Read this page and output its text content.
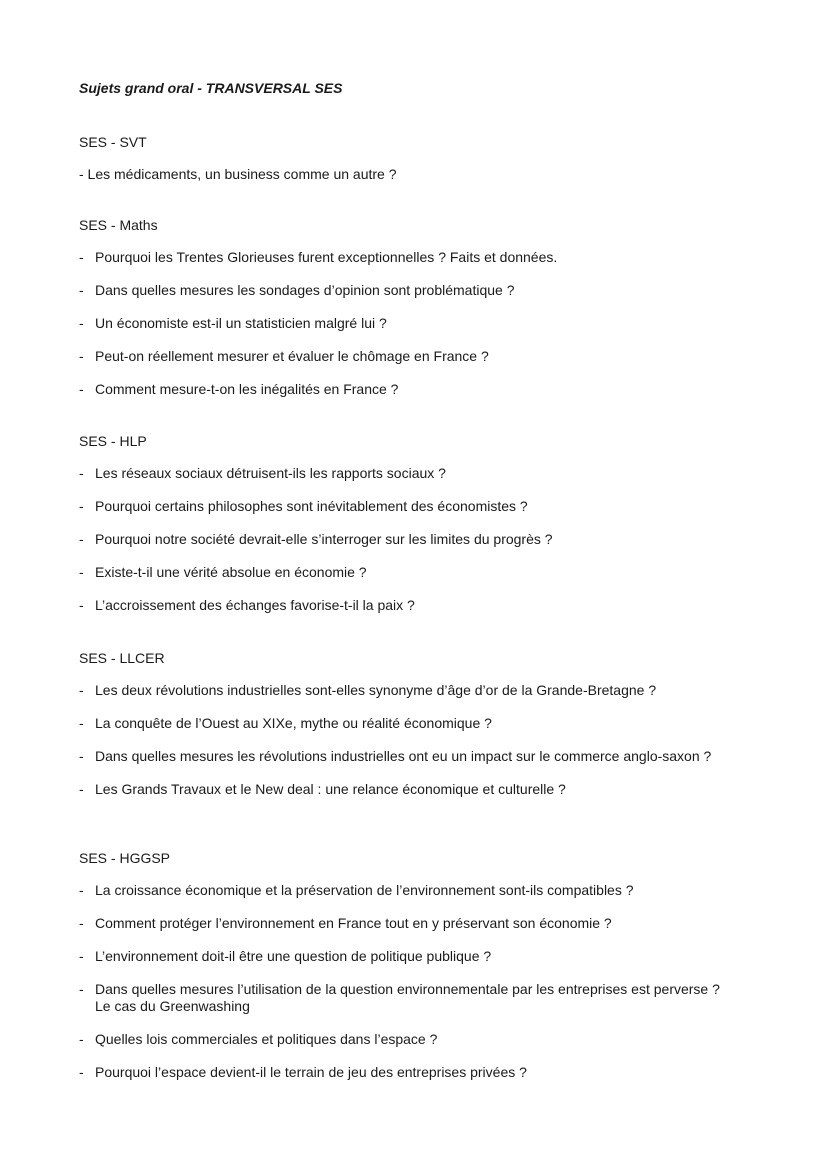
Sujets grand oral - TRANSVERSAL SES

SES - SVT

- Les médicaments, un business comme un autre ?

SES - Maths

- Pourquoi les Trentes Glorieuses furent exceptionnelles ? Faits et données.
- Dans quelles mesures les sondages d’opinion sont problématique ?
- Un économiste est-il un statisticien malgré lui ?
- Peut-on réellement mesurer et évaluer le chômage en France ?
- Comment mesure-t-on les inégalités en France ?

SES - HLP

- Les réseaux sociaux détruisent-ils les rapports sociaux ?
- Pourquoi certains philosophes sont inévitablement des économistes ?
- Pourquoi notre société devrait-elle s’interroger sur les limites du progrès ?
- Existe-t-il une vérité absolue en économie ?
- L’accroissement des échanges favorise-t-il la paix ?

SES - LLCER

- Les deux révolutions industrielles sont-elles synonyme d’âge d’or de la Grande-Bretagne ?
- La conquête de l’Ouest au XIXe, mythe ou réalité économique ?
- Dans quelles mesures les révolutions industrielles ont eu un impact sur le commerce anglo-saxon ?
- Les Grands Travaux et le New deal : une relance économique et culturelle ?

SES - HGGSP

- La croissance économique et la préservation de l’environnement sont-ils compatibles ?
- Comment protéger l’environnement en France tout en y préservant son économie ?
- L’environnement doit-il être une question de politique publique ?
- Dans quelles mesures l’utilisation de la question environnementale par les entreprises est perverse ? Le cas du Greenwashing
- Quelles lois commerciales et politiques dans l’espace ?
- Pourquoi l’espace devient-il le terrain de jeu des entreprises privées ?
